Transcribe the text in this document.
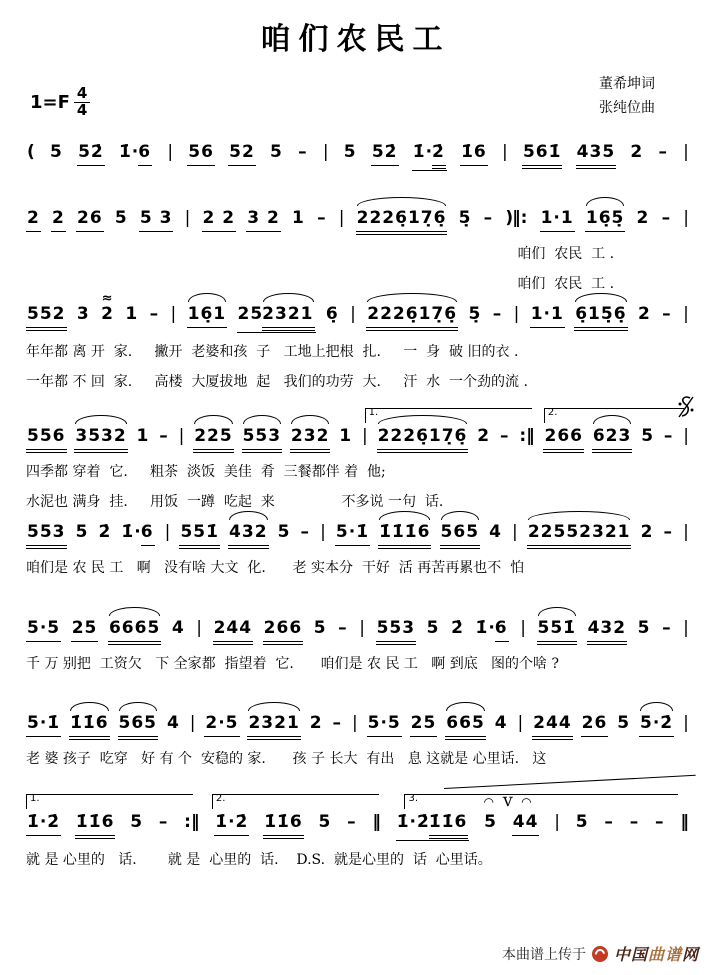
咱们农民工
董希坤词
张纯位曲
$1=F \frac{4}{4}$
( 5 52̇ 1̇·6 | 56 52 5 – | 5 52̇ 1̇·2̇ 1̇6 | 561̇ 435 2 – |
2 2 26 5 5 3 | 2 2 3 2 1 – | 2226̣17̣6̣ 5̣ – )‖: 1·1 16̣5̣ 2 – |
咱们  农民  工 .
咱们  农民  工 .
552 3 ≈ 2 1 – | 16̣1 252321 6̣ | 2226̣17̣6̣ 5̣ – | 1·1 6̣15̣6̣ 2 – |
年年都 离 开  家.     撇开  老婆和孩  子   工地上把根  扎.     一  身  破 旧的衣 .
一年都 不 回  家.     高楼  大厦拔地  起   我们的功劳  大.     汗  水  一个劲的流 .
556 3532 1 – | 225 553 232 1 | 2226̣17̣6̣ 2 – :‖ 266 623 5 – |
1.	2.
四季都 穿着  它.     粗茶  淡饭  美佳  肴  三餐都伴 着  他;
水泥也 满身  挂.     用饭  一蹲  吃起  来               不多说 一句  话.
553 5 2̇ 1̇·6 | 551̇ 432 5 – | 5·1̇ 1̇1̇1̇6 565 4 | 22552321 2 – |
咱们是 农 民 工   啊   没有啥 大文  化.      老 实本分  干好  活 再苦再累也不  怕
5·5 25 6665 4 | 244 266 5 – | 553 5 2̇ 1̇·6 | 551̇ 432 5 – |
千 万 别把  工资欠   下 全家都  指望着  它.      咱们是 农 民 工   啊 到底   图的个啥 ?
5·1̇ 1̇1̇6 565 4 | 2·5 2321 2 – | 5·5 25 665 4 | 244 26 5 5·2̇ |
老 婆 孩子  吃穿   好 有 个  安稳的 家.      孩 子 长大  有出   息 这就是 心里话.   这
1̇·2̇ 1̇1̇6 5 – :‖ 1̇·2̇ 1̇1̇6 5 – ‖ 1̇·2̇1̇1̇6 5 44 | 5 – – – ‖
1.	2.	3.	◠ Ｖ ◠
就 是 心里的   话.       就 是  心里的  话.    D.S.  就是心里的  话  心里话。
本曲谱上传于 中国曲谱网
